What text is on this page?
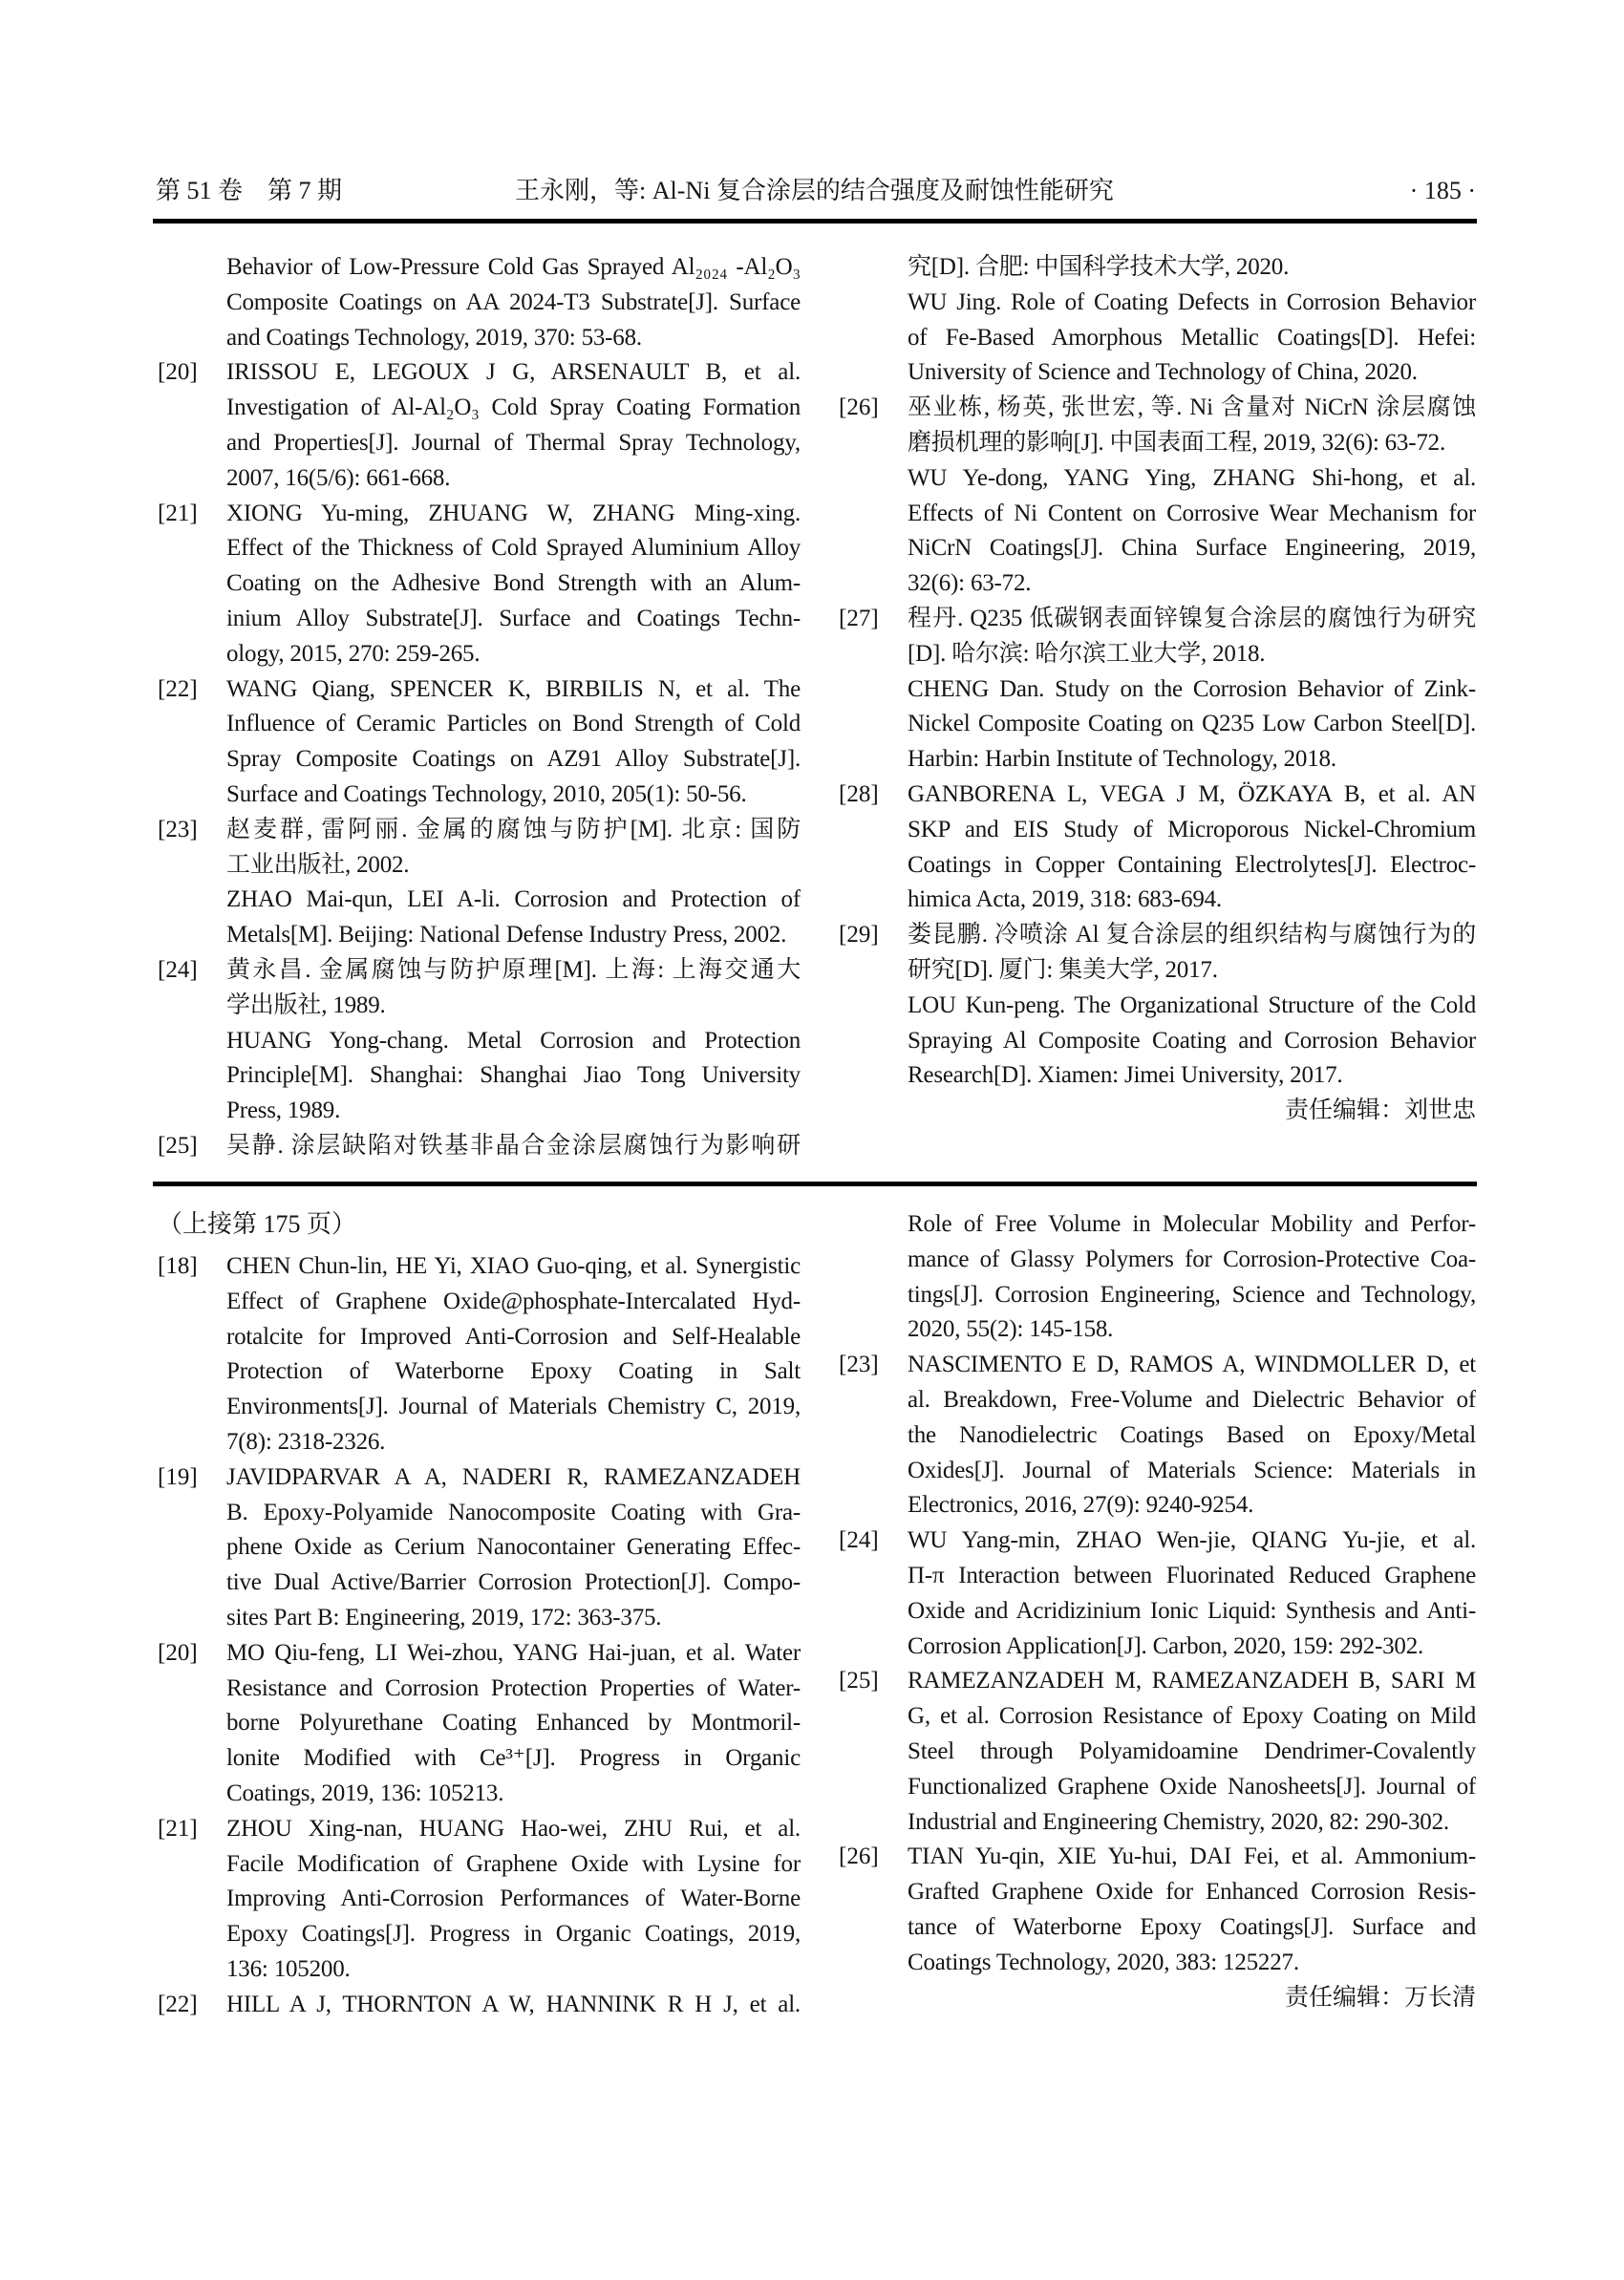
第 51 卷　第 7 期	王永刚，等: Al-Ni 复合涂层的结合强度及耐蚀性能研究	· 185 ·
Behavior of Low-Pressure Cold Gas Sprayed Al₂₀₂₄ -Al₂O₃
Composite Coatings on AA 2024-T3 Substrate[J]. Surface
and Coatings Technology, 2019, 370: 53-68.
[20] IRISSOU E, LEGOUX J G, ARSENAULT B, et al.
Investigation of Al-Al₂O₃ Cold Spray Coating Formation
and Properties[J]. Journal of Thermal Spray Technology,
2007, 16(5/6): 661-668.
[21] XIONG Yu-ming, ZHUANG W, ZHANG Ming-xing.
Effect of the Thickness of Cold Sprayed Aluminium Alloy
Coating on the Adhesive Bond Strength with an Alum-
inium Alloy Substrate[J]. Surface and Coatings Techn-
ology, 2015, 270: 259-265.
[22] WANG Qiang, SPENCER K, BIRBILIS N, et al. The
Influence of Ceramic Particles on Bond Strength of Cold
Spray Composite Coatings on AZ91 Alloy Substrate[J].
Surface and Coatings Technology, 2010, 205(1): 50-56.
[23] 赵麦群, 雷阿丽. 金属的腐蚀与防护[M]. 北京: 国防
工业出版社, 2002.
ZHAO Mai-qun, LEI A-li. Corrosion and Protection of
Metals[M]. Beijing: National Defense Industry Press, 2002.
[24] 黄永昌. 金属腐蚀与防护原理[M]. 上海: 上海交通大
学出版社, 1989.
HUANG Yong-chang. Metal Corrosion and Protection
Principle[M]. Shanghai: Shanghai Jiao Tong University
Press, 1989.
[25] 吴静. 涂层缺陷对铁基非晶合金涂层腐蚀行为影响研
究[D]. 合肥: 中国科学技术大学, 2020.
WU Jing. Role of Coating Defects in Corrosion Behavior
of Fe-Based Amorphous Metallic Coatings[D]. Hefei:
University of Science and Technology of China, 2020.
[26] 巫业栋, 杨英, 张世宏, 等. Ni 含量对 NiCrN 涂层腐蚀
磨损机理的影响[J]. 中国表面工程, 2019, 32(6): 63-72.
WU Ye-dong, YANG Ying, ZHANG Shi-hong, et al.
Effects of Ni Content on Corrosive Wear Mechanism for
NiCrN Coatings[J]. China Surface Engineering, 2019,
32(6): 63-72.
[27] 程丹. Q235 低碳钢表面锌镍复合涂层的腐蚀行为研究
[D]. 哈尔滨: 哈尔滨工业大学, 2018.
CHENG Dan. Study on the Corrosion Behavior of Zink-
Nickel Composite Coating on Q235 Low Carbon Steel[D].
Harbin: Harbin Institute of Technology, 2018.
[28] GANBORENA L, VEGA J M, ÖZKAYA B, et al. AN
SKP and EIS Study of Microporous Nickel-Chromium
Coatings in Copper Containing Electrolytes[J]. Electroc-
himica Acta, 2019, 318: 683-694.
[29] 娄昆鹏. 冷喷涂 Al 复合涂层的组织结构与腐蚀行为的
研究[D]. 厦门: 集美大学, 2017.
LOU Kun-peng. The Organizational Structure of the Cold
Spraying Al Composite Coating and Corrosion Behavior
Research[D]. Xiamen: Jimei University, 2017.
责任编辑：刘世忠
（上接第 175 页）
[18] CHEN Chun-lin, HE Yi, XIAO Guo-qing, et al. Synergistic
Effect of Graphene Oxide@phosphate-Intercalated Hyd-
rotalcite for Improved Anti-Corrosion and Self-Healable
Protection of Waterborne Epoxy Coating in Salt
Environments[J]. Journal of Materials Chemistry C, 2019,
7(8): 2318-2326.
[19] JAVIDPARVAR A A, NADERI R, RAMEZANZADEH
B. Epoxy-Polyamide Nanocomposite Coating with Gra-
phene Oxide as Cerium Nanocontainer Generating Effec-
tive Dual Active/Barrier Corrosion Protection[J]. Compo-
sites Part B: Engineering, 2019, 172: 363-375.
[20] MO Qiu-feng, LI Wei-zhou, YANG Hai-juan, et al. Water
Resistance and Corrosion Protection Properties of Water-
borne Polyurethane Coating Enhanced by Montmoril-
lonite Modified with Ce³⁺[J]. Progress in Organic
Coatings, 2019, 136: 105213.
[21] ZHOU Xing-nan, HUANG Hao-wei, ZHU Rui, et al.
Facile Modification of Graphene Oxide with Lysine for
Improving Anti-Corrosion Performances of Water-Borne
Epoxy Coatings[J]. Progress in Organic Coatings, 2019,
136: 105200.
[22] HILL A J, THORNTON A W, HANNINK R H J, et al.
Role of Free Volume in Molecular Mobility and Perfor-
mance of Glassy Polymers for Corrosion-Protective Coa-
tings[J]. Corrosion Engineering, Science and Technology,
2020, 55(2): 145-158.
[23] NASCIMENTO E D, RAMOS A, WINDMOLLER D, et
al. Breakdown, Free-Volume and Dielectric Behavior of
the Nanodielectric Coatings Based on Epoxy/Metal
Oxides[J]. Journal of Materials Science: Materials in
Electronics, 2016, 27(9): 9240-9254.
[24] WU Yang-min, ZHAO Wen-jie, QIANG Yu-jie, et al.
Π-π Interaction between Fluorinated Reduced Graphene
Oxide and Acridizinium Ionic Liquid: Synthesis and Anti-
Corrosion Application[J]. Carbon, 2020, 159: 292-302.
[25] RAMEZANZADEH M, RAMEZANZADEH B, SARI M
G, et al. Corrosion Resistance of Epoxy Coating on Mild
Steel through Polyamidoamine Dendrimer-Covalently
Functionalized Graphene Oxide Nanosheets[J]. Journal of
Industrial and Engineering Chemistry, 2020, 82: 290-302.
[26] TIAN Yu-qin, XIE Yu-hui, DAI Fei, et al. Ammonium-
Grafted Graphene Oxide for Enhanced Corrosion Resis-
tance of Waterborne Epoxy Coatings[J]. Surface and
Coatings Technology, 2020, 383: 125227.
责任编辑：万长清
